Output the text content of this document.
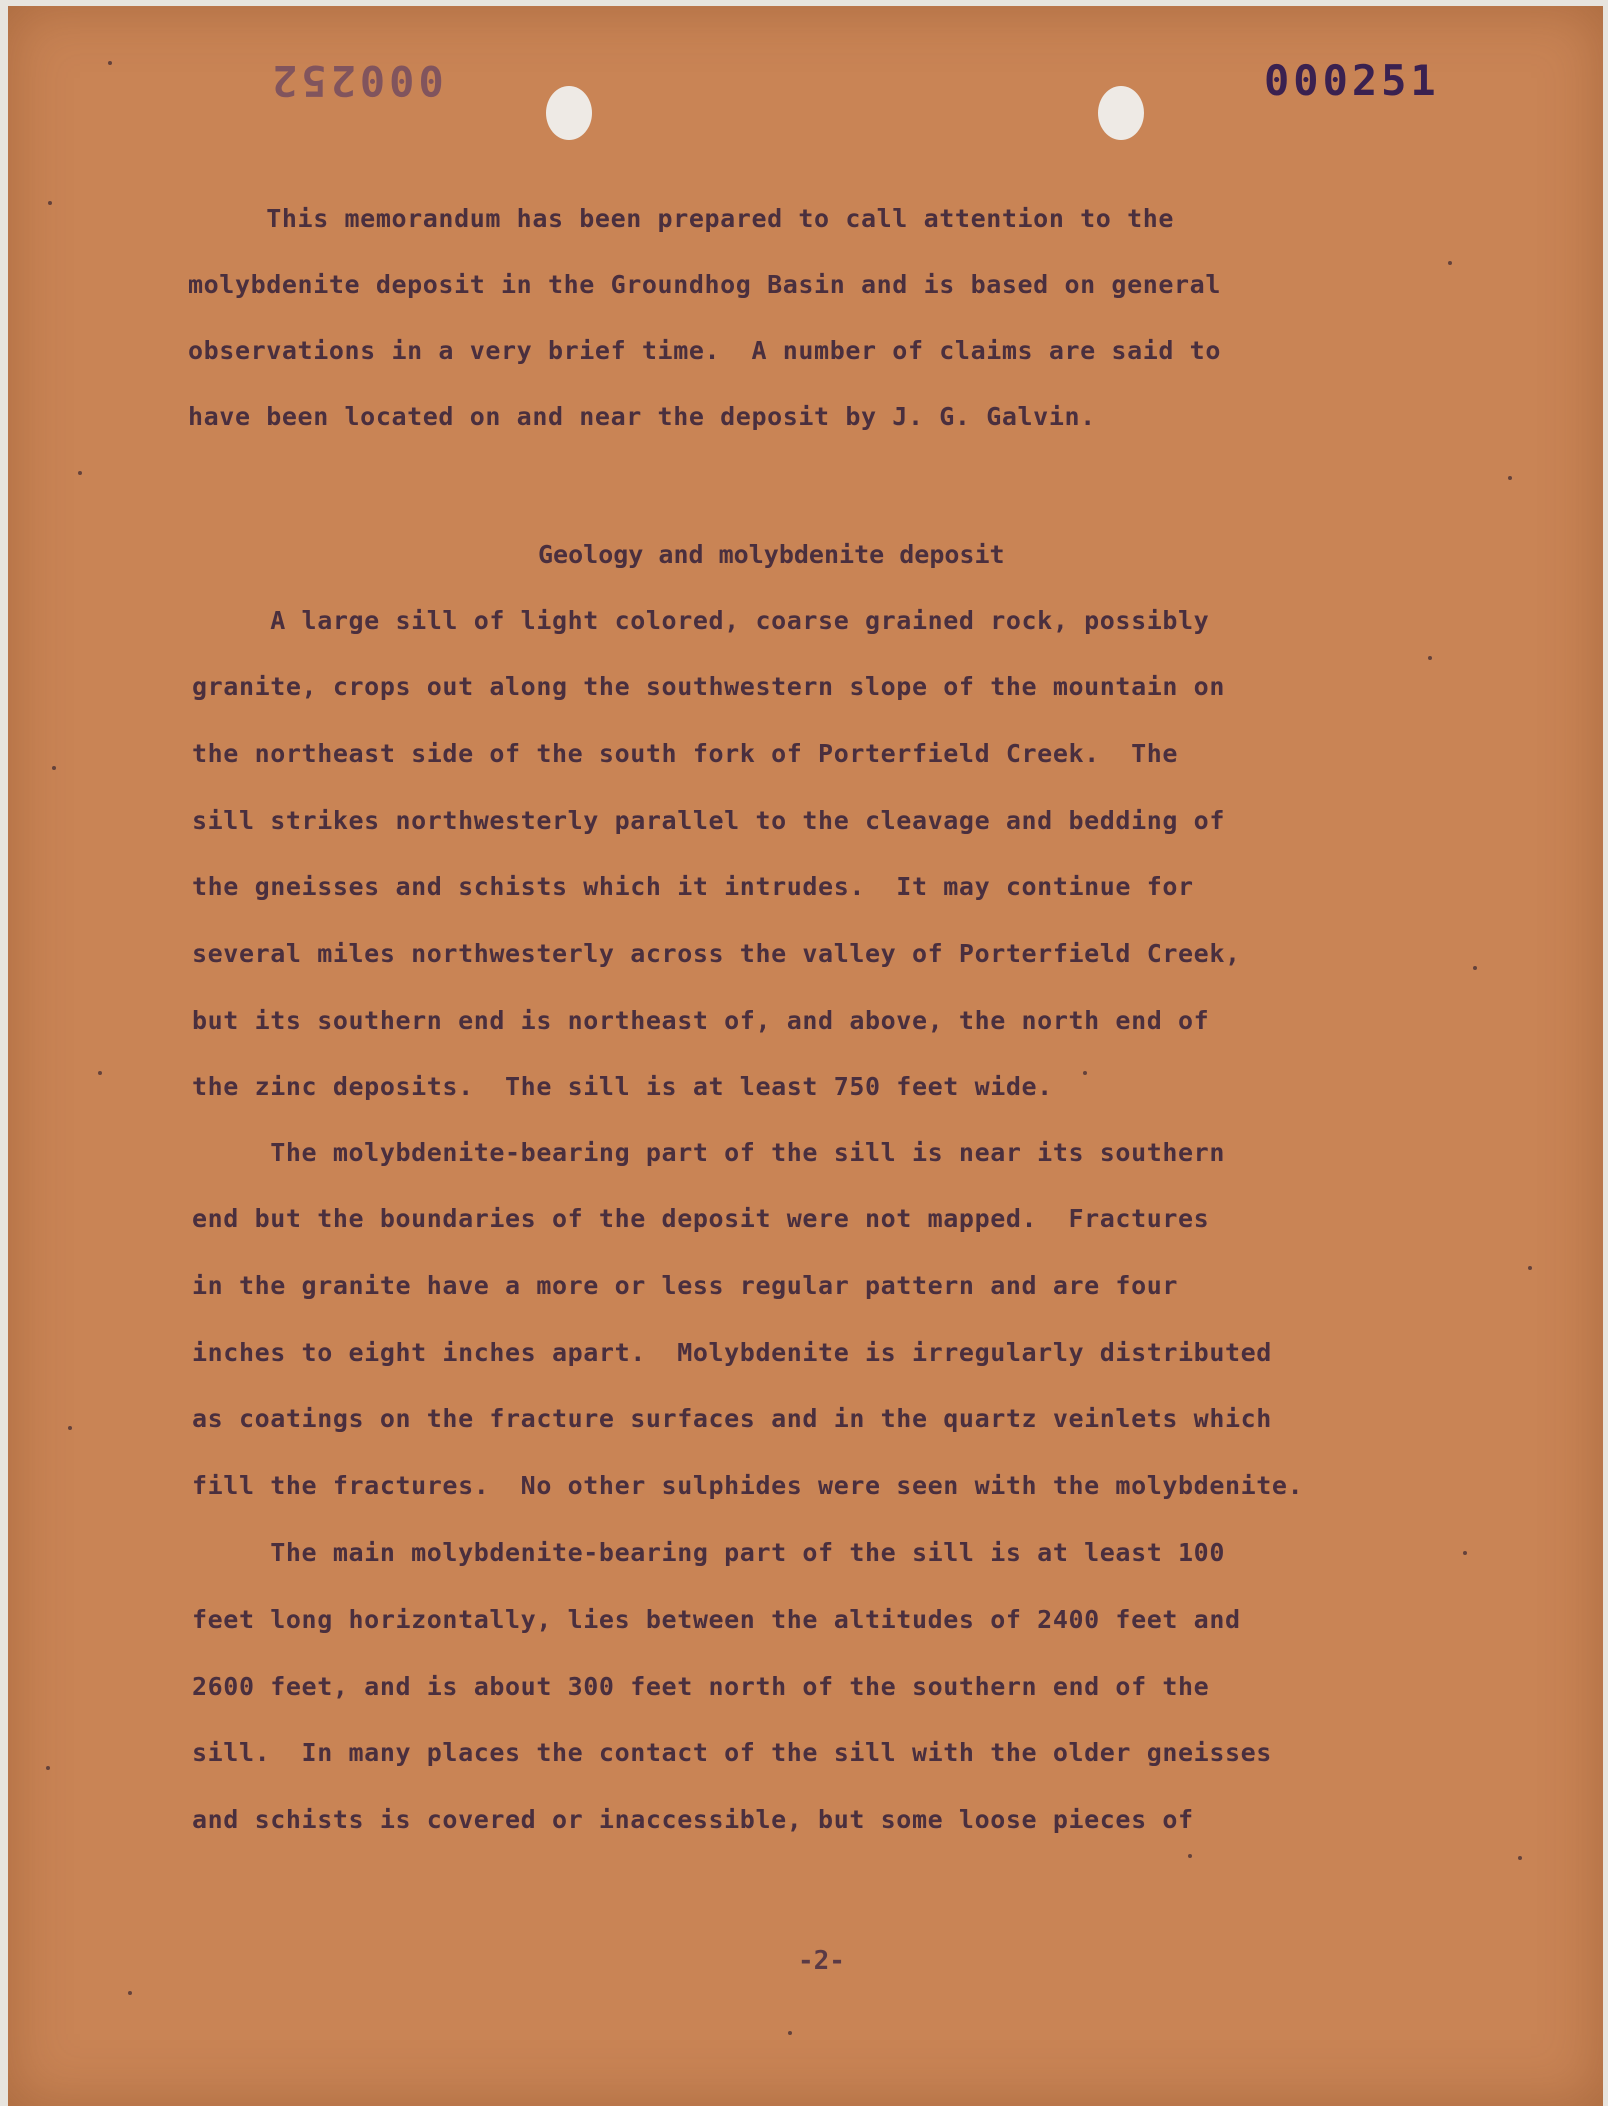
000252	000251

This memorandum has been prepared to call attention to the

molybdenite deposit in the Groundhog Basin and is based on general

observations in a very brief time.  A number of claims are said to

have been located on and near the deposit by J. G. Galvin.

Geology and molybdenite deposit

A large sill of light colored, coarse grained rock, possibly

granite, crops out along the southwestern slope of the mountain on

the northeast side of the south fork of Porterfield Creek.  The

sill strikes northwesterly parallel to the cleavage and bedding of

the gneisses and schists which it intrudes.  It may continue for

several miles northwesterly across the valley of Porterfield Creek,

but its southern end is northeast of, and above, the north end of

the zinc deposits.  The sill is at least 750 feet wide.

The molybdenite-bearing part of the sill is near its southern

end but the boundaries of the deposit were not mapped.  Fractures

in the granite have a more or less regular pattern and are four

inches to eight inches apart.  Molybdenite is irregularly distributed

as coatings on the fracture surfaces and in the quartz veinlets which

fill the fractures.  No other sulphides were seen with the molybdenite.

The main molybdenite-bearing part of the sill is at least 100

feet long horizontally, lies between the altitudes of 2400 feet and

2600 feet, and is about 300 feet north of the southern end of the

sill.  In many places the contact of the sill with the older gneisses

and schists is covered or inaccessible, but some loose pieces of

-2-
